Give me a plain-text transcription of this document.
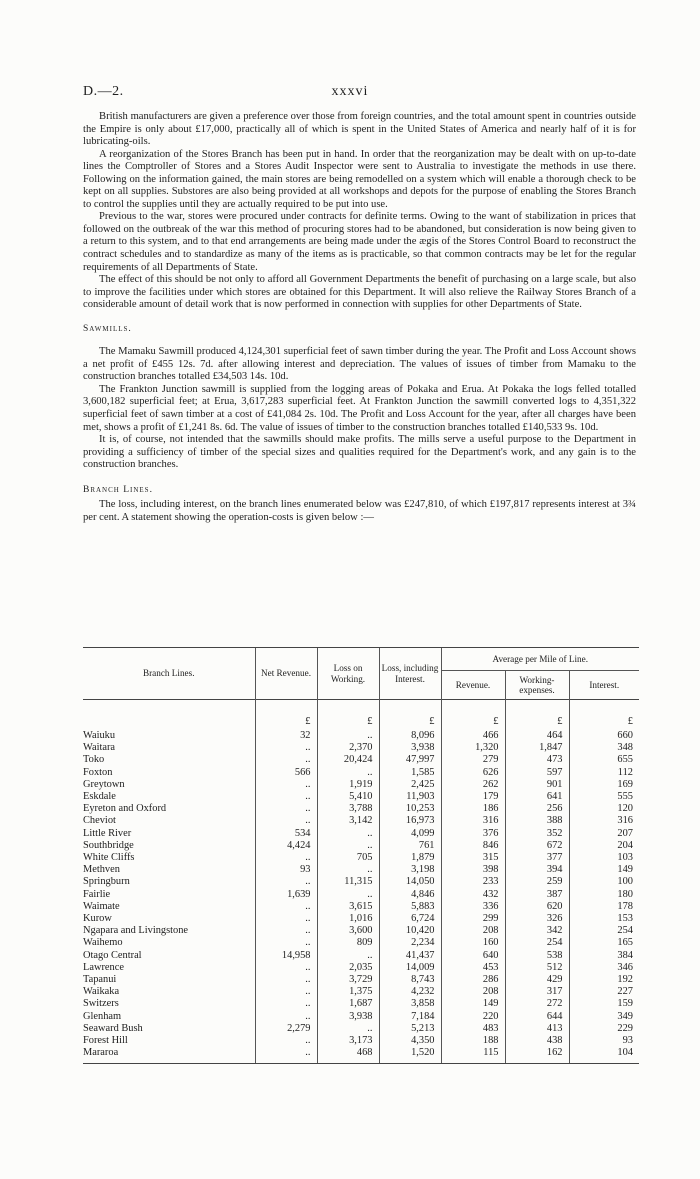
D.—2.	xxxvi

British manufacturers are given a preference over those from foreign countries, and the total amount spent in countries outside the Empire is only about £17,000, practically all of which is spent in the United States of America and nearly half of it is for lubricating-oils.

A reorganization of the Stores Branch has been put in hand. In order that the reorganization may be dealt with on up-to-date lines the Comptroller of Stores and a Stores Audit Inspector were sent to Australia to investigate the methods in use there. Following on the information gained, the main stores are being remodelled on a system which will enable a thorough check to be kept on all supplies. Substores are also being provided at all workshops and depots for the purpose of enabling the Stores Branch to control the supplies until they are actually required to be put into use.

Previous to the war, stores were procured under contracts for definite terms. Owing to the want of stabilization in prices that followed on the outbreak of the war this method of procuring stores had to be abandoned, but consideration is now being given to a return to this system, and to that end arrangements are being made under the ægis of the Stores Control Board to reconstruct the contract schedules and to standardize as many of the items as is practicable, so that common contracts may be let for the regular requirements of all Departments of State.

The effect of this should be not only to afford all Government Departments the benefit of purchasing on a large scale, but also to improve the facilities under which stores are obtained for this Department. It will also relieve the Railway Stores Branch of a considerable amount of detail work that is now performed in connection with supplies for other Departments of State.

Sawmills.

The Mamaku Sawmill produced 4,124,301 superficial feet of sawn timber during the year. The Profit and Loss Account shows a net profit of £455 12s. 7d. after allowing interest and depreciation. The values of issues of timber from Mamaku to the construction branches totalled £34,503 14s. 10d.

The Frankton Junction sawmill is supplied from the logging areas of Pokaka and Erua. At Pokaka the logs felled totalled 3,600,182 superficial feet; at Erua, 3,617,283 superficial feet. At Frankton Junction the sawmill converted logs to 4,351,322 superficial feet of sawn timber at a cost of £41,084 2s. 10d. The Profit and Loss Account for the year, after all charges have been met, shows a profit of £1,241 8s. 6d. The value of issues of timber to the construction branches totalled £140,533 9s. 10d.

It is, of course, not intended that the sawmills should make profits. The mills serve a useful purpose to the Department in providing a sufficiency of timber of the special sizes and qualities required for the Department's work, and any gain is to the construction branches.

Branch Lines.

The loss, including interest, on the branch lines enumerated below was £247,810, of which £197,817 represents interest at 3¾ per cent. A statement showing the operation-costs is given below :—

Branch Lines.	Net Revenue.	Loss on Working.	Loss, including Interest.	Average per Mile of Line.		
				Revenue.	Working-expenses.	Interest.

	£	£	£	£	£	£
Waiuku	32	..	8,096	466	464	660
Waitara	..	2,370	3,938	1,320	1,847	348
Toko	..	20,424	47,997	279	473	655
Foxton	566	..	1,585	626	597	112
Greytown	..	1,919	2,425	262	901	169
Eskdale	..	5,410	11,903	179	641	555
Eyreton and Oxford	..	3,788	10,253	186	256	120
Cheviot	..	3,142	16,973	316	388	316
Little River	534	..	4,099	376	352	207
Southbridge	4,424	..	761	846	672	204
White Cliffs	..	705	1,879	315	377	103
Methven	93	..	3,198	398	394	149
Springburn	..	11,315	14,050	233	259	100
Fairlie	1,639	..	4,846	432	387	180
Waimate	..	3,615	5,883	336	620	178
Kurow	..	1,016	6,724	299	326	153
Ngapara and Livingstone	..	3,600	10,420	208	342	254
Waihemo	..	809	2,234	160	254	165
Otago Central	14,958	..	41,437	640	538	384
Lawrence	..	2,035	14,009	453	512	346
Tapanui	..	3,729	8,743	286	429	192
Waikaka	..	1,375	4,232	208	317	227
Switzers	..	1,687	3,858	149	272	159
Glenham	..	3,938	7,184	220	644	349
Seaward Bush	2,279	..	5,213	483	413	229
Forest Hill	..	3,173	4,350	188	438	93
Mararoa	..	468	1,520	115	162	104
